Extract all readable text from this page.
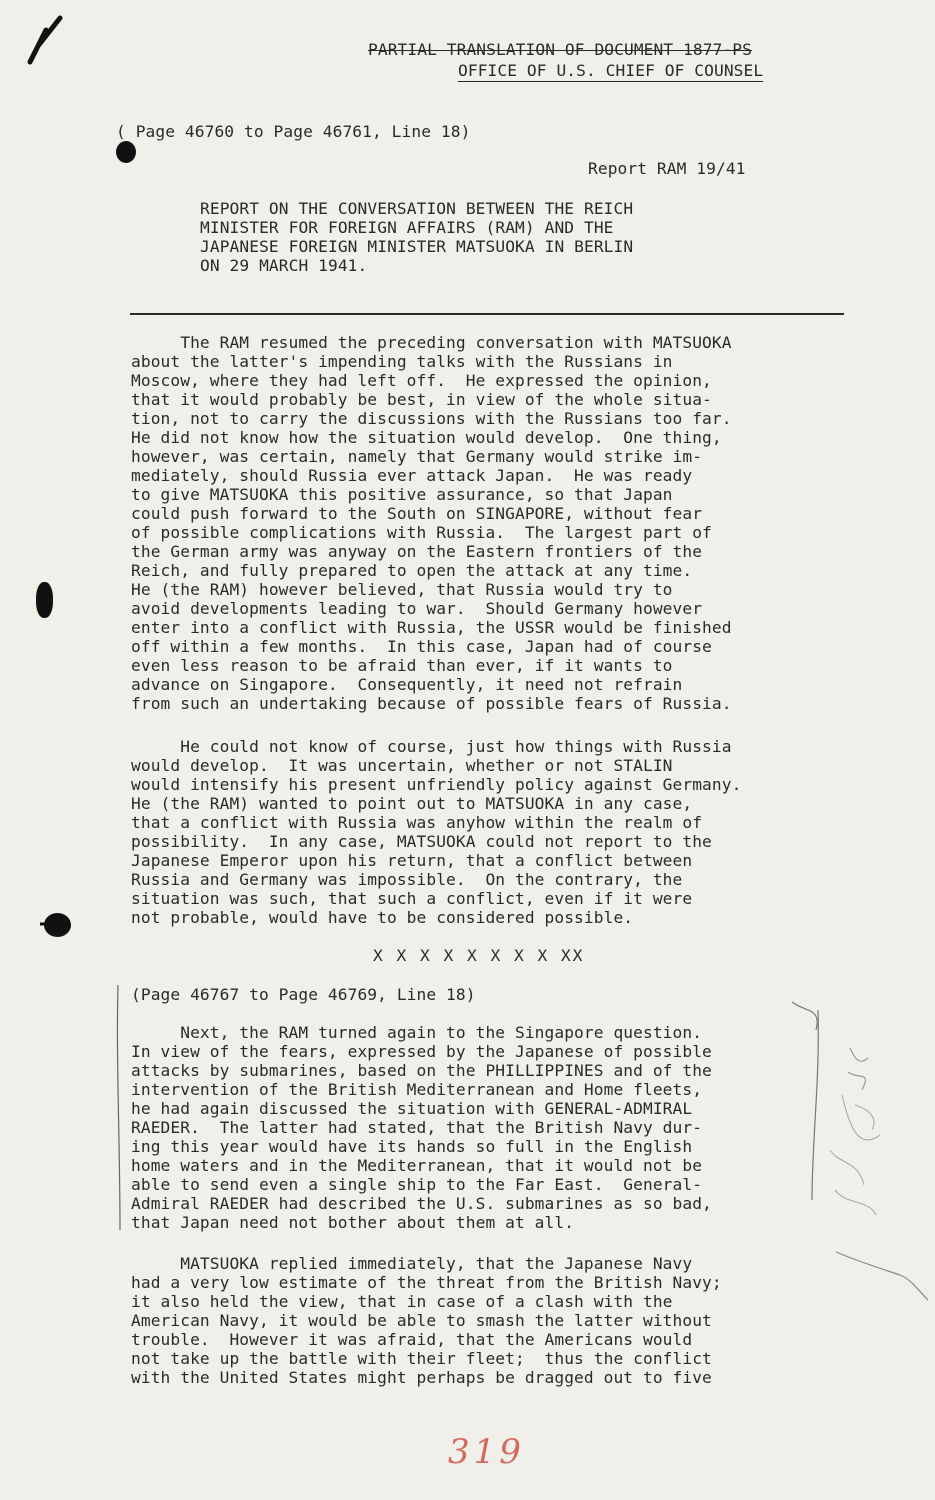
PARTIAL TRANSLATION OF DOCUMENT 1877-PS
OFFICE OF U.S. CHIEF OF COUNSEL
( Page 46760 to Page 46761, Line 18)
Report RAM 19/41
REPORT ON THE CONVERSATION BETWEEN THE REICH
MINISTER FOR FOREIGN AFFAIRS (RAM) AND THE
JAPANESE FOREIGN MINISTER MATSUOKA IN BERLIN
ON 29 MARCH 1941.
The RAM resumed the preceding conversation with MATSUOKA
about the latter's impending talks with the Russians in
Moscow, where they had left off.  He expressed the opinion,
that it would probably be best, in view of the whole situa-
tion, not to carry the discussions with the Russians too far.
He did not know how the situation would develop.  One thing,
however, was certain, namely that Germany would strike im-
mediately, should Russia ever attack Japan.  He was ready
to give MATSUOKA this positive assurance, so that Japan
could push forward to the South on SINGAPORE, without fear
of possible complications with Russia.  The largest part of
the German army was anyway on the Eastern frontiers of the
Reich, and fully prepared to open the attack at any time.
He (the RAM) however believed, that Russia would try to
avoid developments leading to war.  Should Germany however
enter into a conflict with Russia, the USSR would be finished
off within a few months.  In this case, Japan had of course
even less reason to be afraid than ever, if it wants to
advance on Singapore.  Consequently, it need not refrain
from such an undertaking because of possible fears of Russia.
He could not know of course, just how things with Russia
would develop.  It was uncertain, whether or not STALIN
would intensify his present unfriendly policy against Germany.
He (the RAM) wanted to point out to MATSUOKA in any case,
that a conflict with Russia was anyhow within the realm of
possibility.  In any case, MATSUOKA could not report to the
Japanese Emperor upon his return, that a conflict between
Russia and Germany was impossible.  On the contrary, the
situation was such, that such a conflict, even if it were
not probable, would have to be considered possible.
X X X X X X X X XX
(Page 46767 to Page 46769, Line 18)
Next, the RAM turned again to the Singapore question.
In view of the fears, expressed by the Japanese of possible
attacks by submarines, based on the PHILLIPPINES and of the
intervention of the British Mediterranean and Home fleets,
he had again discussed the situation with GENERAL-ADMIRAL
RAEDER.  The latter had stated, that the British Navy dur-
ing this year would have its hands so full in the English
home waters and in the Mediterranean, that it would not be
able to send even a single ship to the Far East.  General-
Admiral RAEDER had described the U.S. submarines as so bad,
that Japan need not bother about them at all.
MATSUOKA replied immediately, that the Japanese Navy
had a very low estimate of the threat from the British Navy;
it also held the view, that in case of a clash with the
American Navy, it would be able to smash the latter without
trouble.  However it was afraid, that the Americans would
not take up the battle with their fleet;  thus the conflict
with the United States might perhaps be dragged out to five
319
